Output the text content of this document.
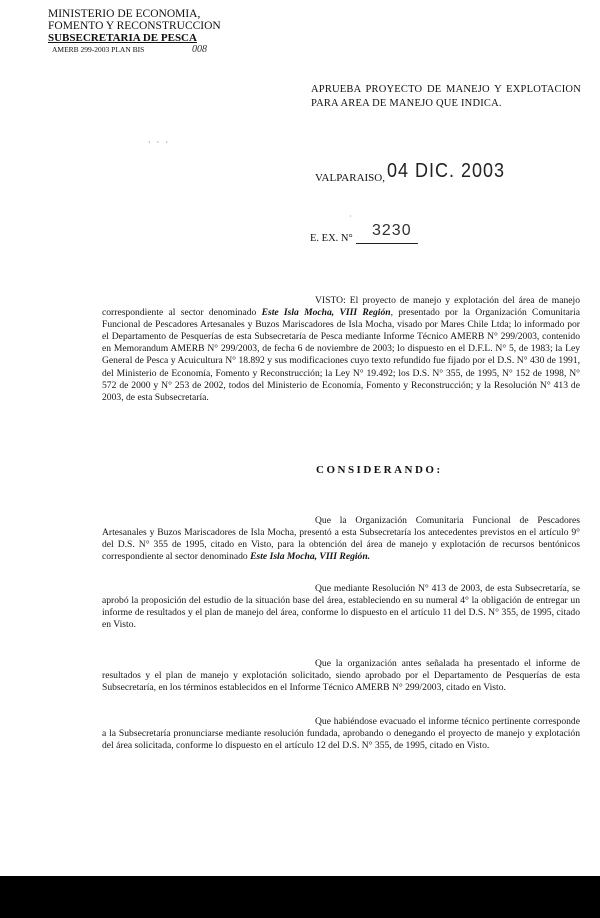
MINISTERIO DE ECONOMIA,
FOMENTO Y RECONSTRUCCION
SUBSECRETARIA DE PESCA
AMERB 299-2003 PLAN BIS	008
APRUEBA PROYECTO DE MANEJO Y EXPLOTACION PARA AREA DE MANEJO QUE INDICA.
· · ·
VALPARAISO, 04 DIC. 2003
·
E. EX. N°	3230
VISTO: El proyecto de manejo y explotación del área de manejo correspondiente al sector denominado Este Isla Mocha, VIII Región, presentado por la Organización Comunitaria Funcional de Pescadores Artesanales y Buzos Mariscadores de Isla Mocha, visado por Mares Chile Ltda; lo informado por el Departamento de Pesquerías de esta Subsecretaría de Pesca mediante Informe Técnico AMERB N° 299/2003, contenido en Memorandum AMERB N° 299/2003, de fecha 6 de noviembre de 2003; lo dispuesto en el D.F.L. N° 5, de 1983; la Ley General de Pesca y Acuicultura N° 18.892 y sus modificaciones cuyo texto refundido fue fijado por el D.S. N° 430 de 1991, del Ministerio de Economía, Fomento y Reconstrucción; la Ley N° 19.492; los D.S. N° 355, de 1995, N° 152 de 1998, N° 572 de 2000 y N° 253 de 2002, todos del Ministerio de Economía, Fomento y Reconstrucción; y la Resolución N° 413 de 2003, de esta Subsecretaría.
CONSIDERANDO:
Que la Organización Comunitaria Funcional de Pescadores Artesanales y Buzos Mariscadores de Isla Mocha, presentó a esta Subsecretaría los antecedentes previstos en el artículo 9° del D.S. N° 355 de 1995, citado en Visto, para la obtención del área de manejo y explotación de recursos bentónicos correspondiente al sector denominado Este Isla Mocha, VIII Región.
Que mediante Resolución N° 413 de 2003, de esta Subsecretaría, se aprobó la proposición del estudio de la situación base del área, estableciendo en su numeral 4° la obligación de entregar un informe de resultados y el plan de manejo del área, conforme lo dispuesto en el artículo 11 del D.S. N° 355, de 1995, citado en Visto.
Que la organización antes señalada ha presentado el informe de resultados y el plan de manejo y explotación solicitado, siendo aprobado por el Departamento de Pesquerías de esta Subsecretaría, en los términos establecidos en el Informe Técnico AMERB N° 299/2003, citado en Visto.
Que habiéndose evacuado el informe técnico pertinente corresponde a la Subsecretaría pronunciarse mediante resolución fundada, aprobando o denegando el proyecto de manejo y explotación del área solicitada, conforme lo dispuesto en el artículo 12 del D.S. N° 355, de 1995, citado en Visto.
